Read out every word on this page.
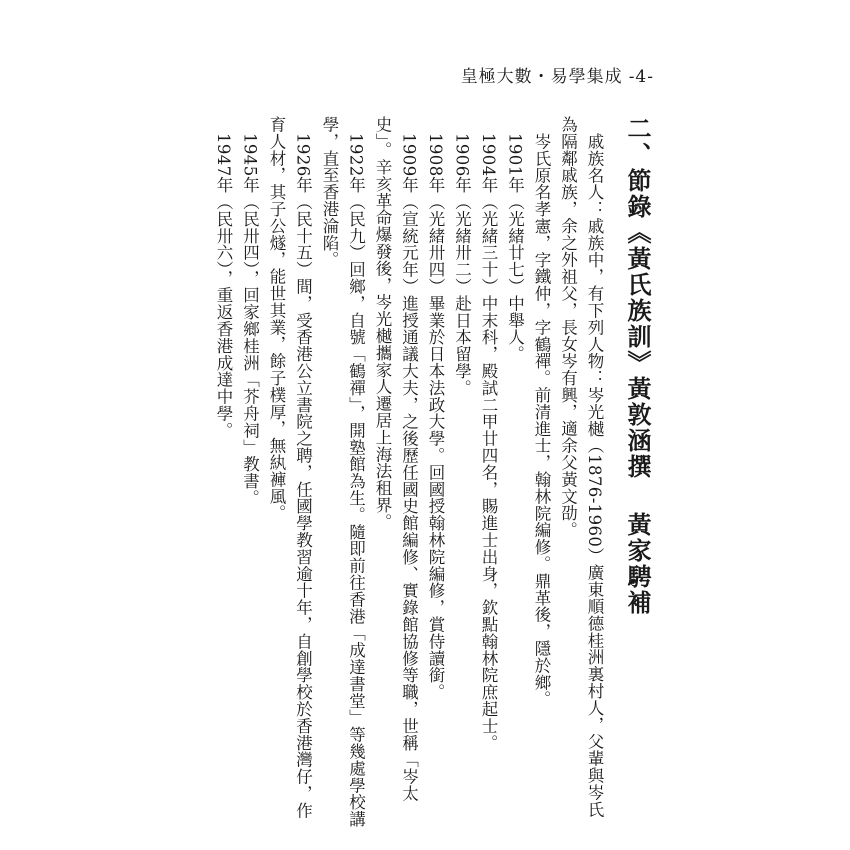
皇極大數・易學集成 -4-
二、節錄《黃氏族訓》黃敦涵撰 黃家騁補

戚族名人：戚族中，有下列人物：岑光樾（1876-1960）廣東順德桂洲裏村人，父輩與岑氏為隔鄰戚族，余之外祖父，長女岑有興，適余父黃文劭。

岑氏原名孝憲，字鐵仲，字鶴禪。前清進士，翰林院編修。鼎革後，隱於鄉。

1901年（光緒廿七）中舉人。

1904年（光緒三十）中末科，殿試二甲廿四名，賜進士出身，欽點翰林院庶起士。

1906年（光緒卅二）赴日本留學。

1908年（光緒卅四）畢業於日本法政大學。回國授翰林院編修，賞侍讀銜。

1909年（宣統元年）進授通議大夫，之後歷任國史館編修、實錄館協修等職，世稱「岑太史」。辛亥革命爆發後，岑光樾攜家人遷居上海法租界。

1922年（民九）回鄉，自號「鶴禪」，開塾館為生。隨即前往香港「成達書堂」等幾處學校講學，直至香港淪陷。

1926年（民十五）間，受香港公立書院之聘，任國學教習逾十年，自創學校於香港灣仔，作育人材，其子公燧，能世其業，餘子樸厚，無紈褲風。

1945年（民卅四），回家鄉桂洲「芥舟祠」教書。

1947年（民卅六），重返香港成達中學。
